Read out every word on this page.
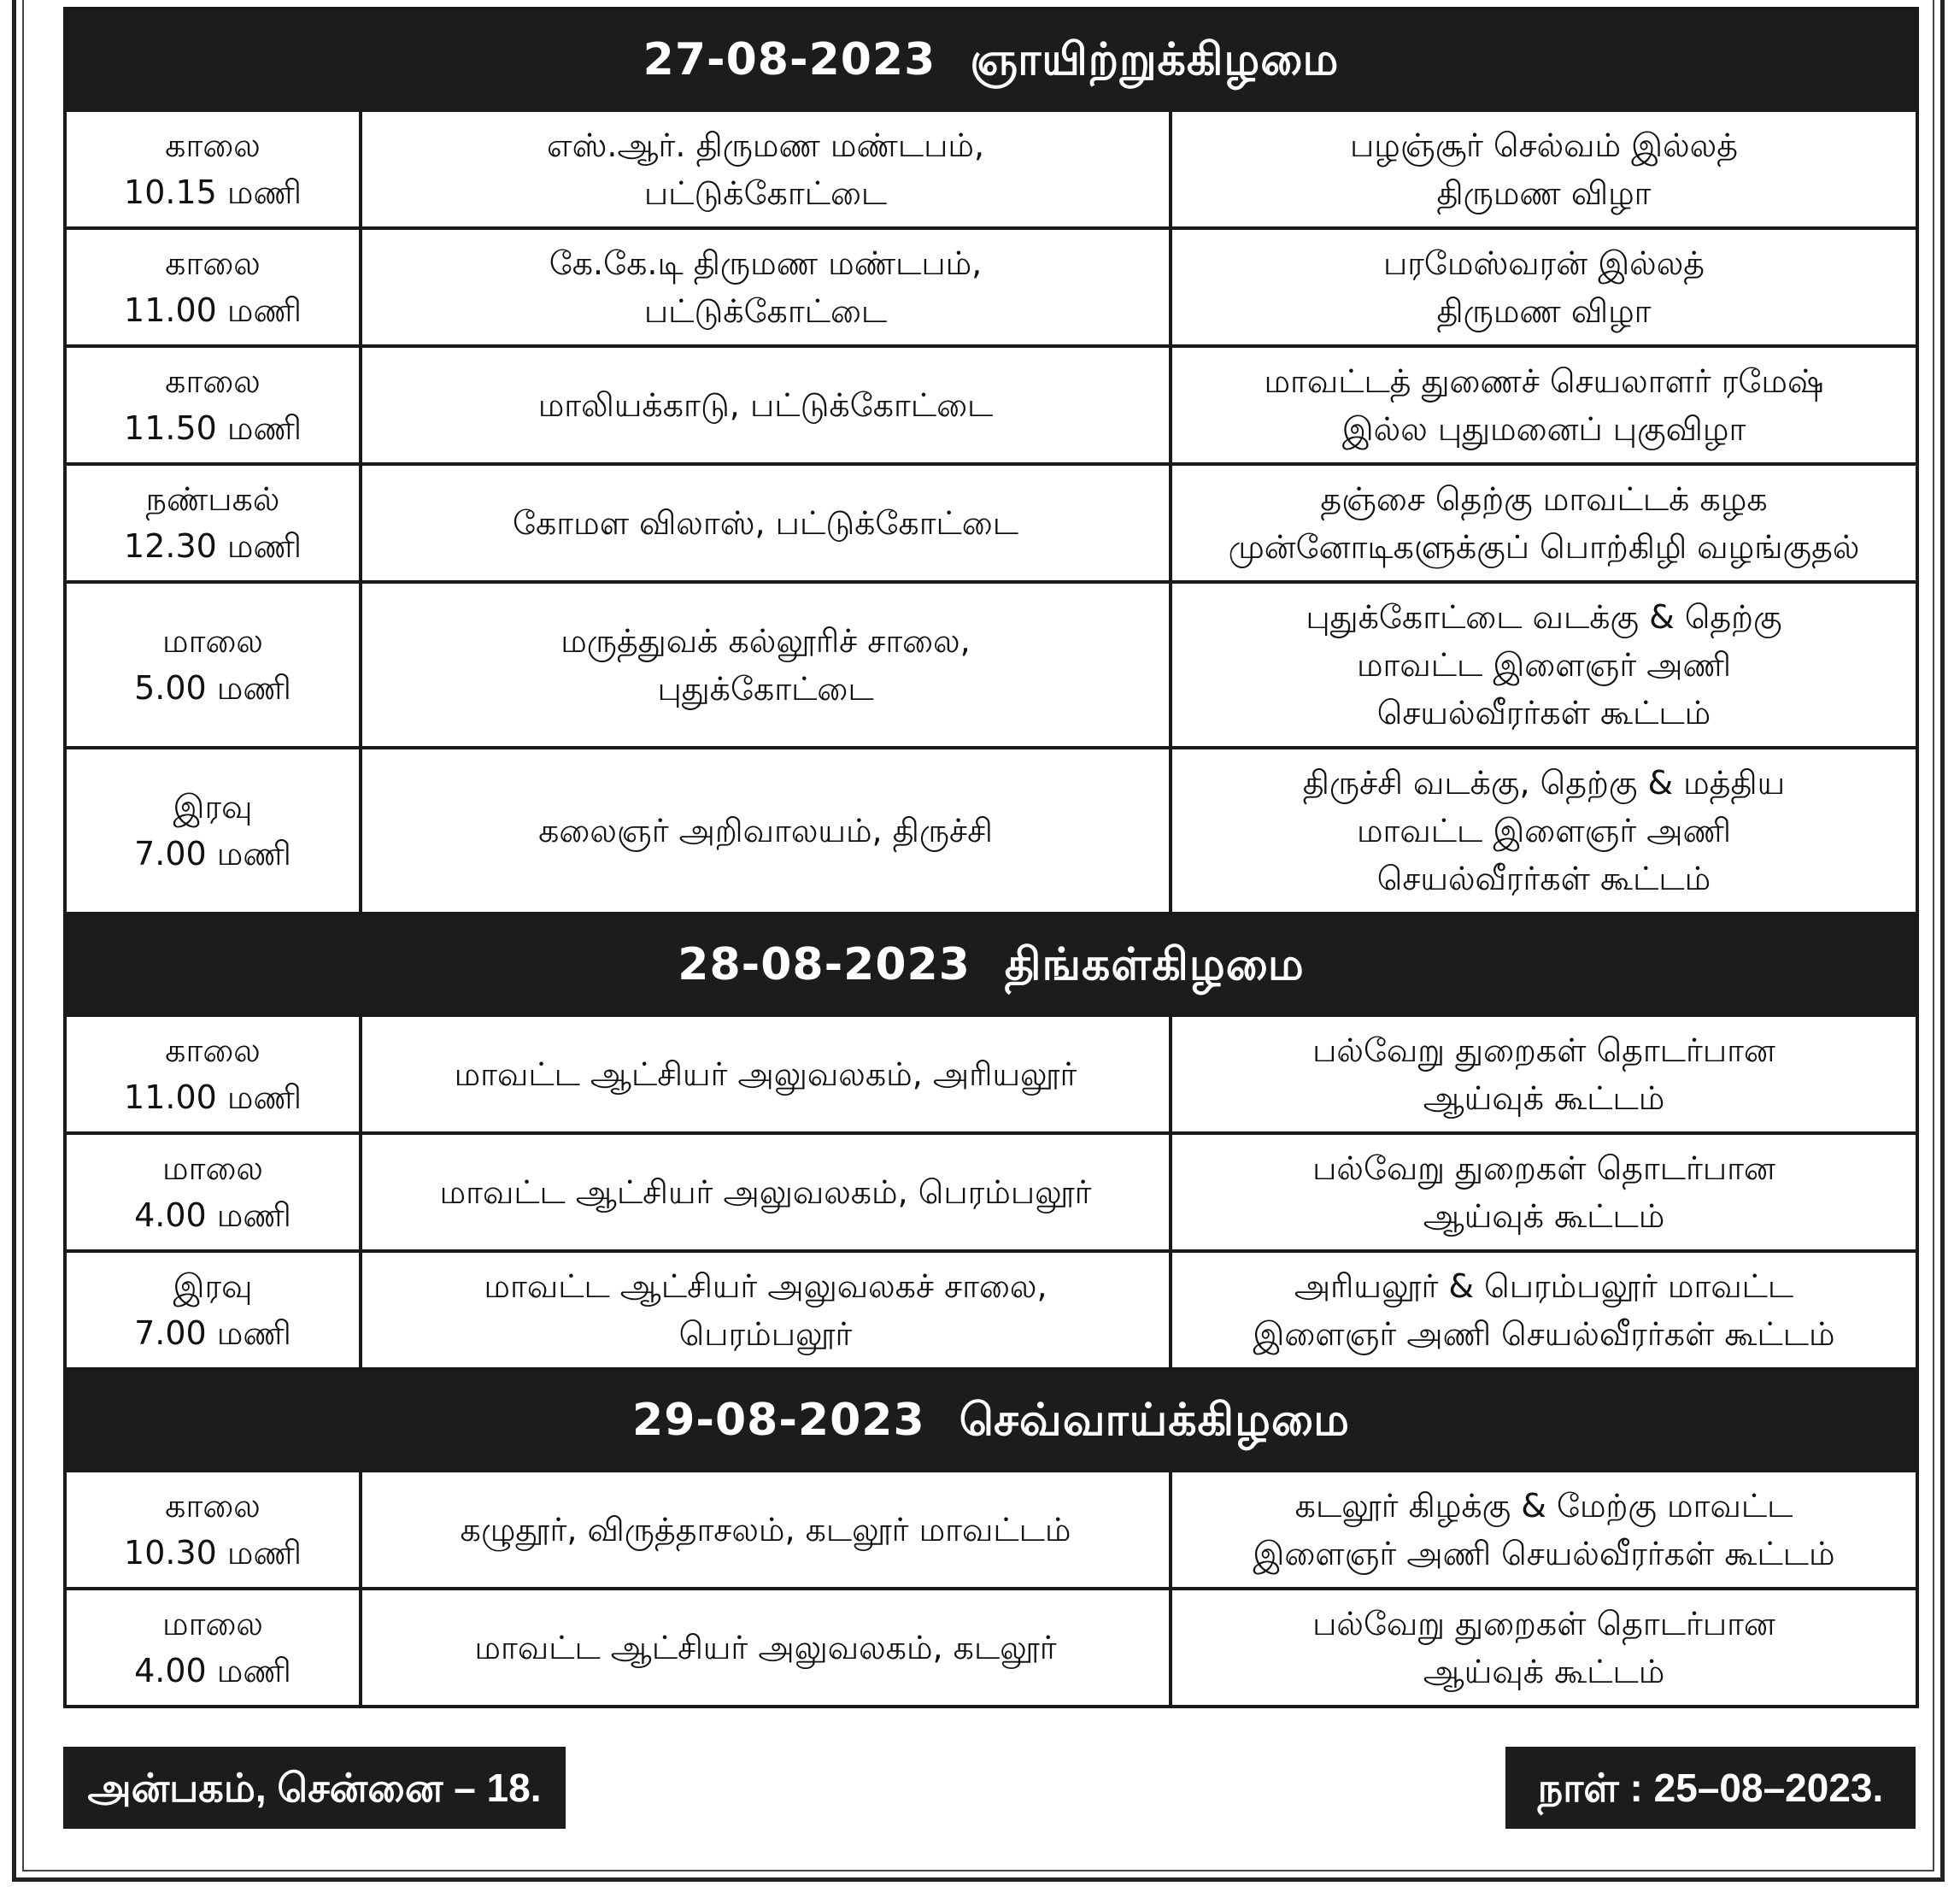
27-08-2023 ஞாயிற்றுக்கிழமை		

காலை
10.15 மணி	எஸ்.ஆர். திருமண மண்டபம்,
பட்டுக்கோட்டை	பழஞ்சூர் செல்வம் இல்லத்
திருமண விழா

காலை
11.00 மணி	கே.கே.டி திருமண மண்டபம்,
பட்டுக்கோட்டை	பரமேஸ்வரன் இல்லத்
திருமண விழா

காலை
11.50 மணி	மாலியக்காடு, பட்டுக்கோட்டை	மாவட்டத் துணைச் செயலாளர் ரமேஷ்
இல்ல புதுமனைப் புகுவிழா

நண்பகல்
12.30 மணி	கோமள விலாஸ், பட்டுக்கோட்டை	தஞ்சை தெற்கு மாவட்டக் கழக
முன்னோடிகளுக்குப் பொற்கிழி வழங்குதல்

மாலை
5.00 மணி	மருத்துவக் கல்லூரிச் சாலை,
புதுக்கோட்டை	புதுக்கோட்டை வடக்கு & தெற்கு
மாவட்ட இளைஞர் அணி
செயல்வீரர்கள் கூட்டம்

இரவு
7.00 மணி	கலைஞர் அறிவாலயம், திருச்சி	திருச்சி வடக்கு, தெற்கு & மத்திய
மாவட்ட இளைஞர் அணி
செயல்வீரர்கள் கூட்டம்

28-08-2023 திங்கள்கிழமை		

காலை
11.00 மணி	மாவட்ட ஆட்சியர் அலுவலகம், அரியலூர்	பல்வேறு துறைகள் தொடர்பான
ஆய்வுக் கூட்டம்

மாலை
4.00 மணி	மாவட்ட ஆட்சியர் அலுவலகம், பெரம்பலூர்	பல்வேறு துறைகள் தொடர்பான
ஆய்வுக் கூட்டம்

இரவு
7.00 மணி	மாவட்ட ஆட்சியர் அலுவலகச் சாலை,
பெரம்பலூர்	அரியலூர் & பெரம்பலூர் மாவட்ட
இளைஞர் அணி செயல்வீரர்கள் கூட்டம்

29-08-2023 செவ்வாய்க்கிழமை		

காலை
10.30 மணி	கழுதூர், விருத்தாசலம், கடலூர் மாவட்டம்	கடலூர் கிழக்கு & மேற்கு மாவட்ட
இளைஞர் அணி செயல்வீரர்கள் கூட்டம்

மாலை
4.00 மணி	மாவட்ட ஆட்சியர் அலுவலகம், கடலூர்	பல்வேறு துறைகள் தொடர்பான
ஆய்வுக் கூட்டம்
அன்பகம், சென்னை – 18.	நாள் : 25–08–2023.
